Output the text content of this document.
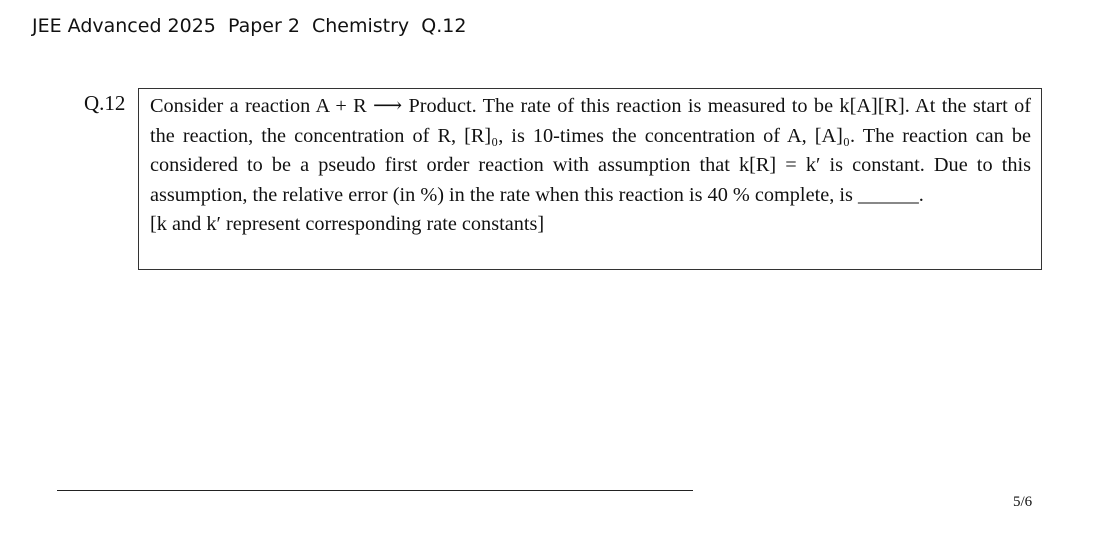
JEE Advanced 2025  Paper 2  Chemistry  Q.12
Q.12 Consider a reaction A + R ⟶ Product. The rate of this reaction is measured to be k[A][R]. At the start of the reaction, the concentration of R, [R]₀, is 10-times the concentration of A, [A]₀. The reaction can be considered to be a pseudo first order reaction with assumption that k[R] = k′ is constant. Due to this assumption, the relative error (in %) in the rate when this reaction is 40 % complete, is ______.

[k and k′ represent corresponding rate constants]

5/6
